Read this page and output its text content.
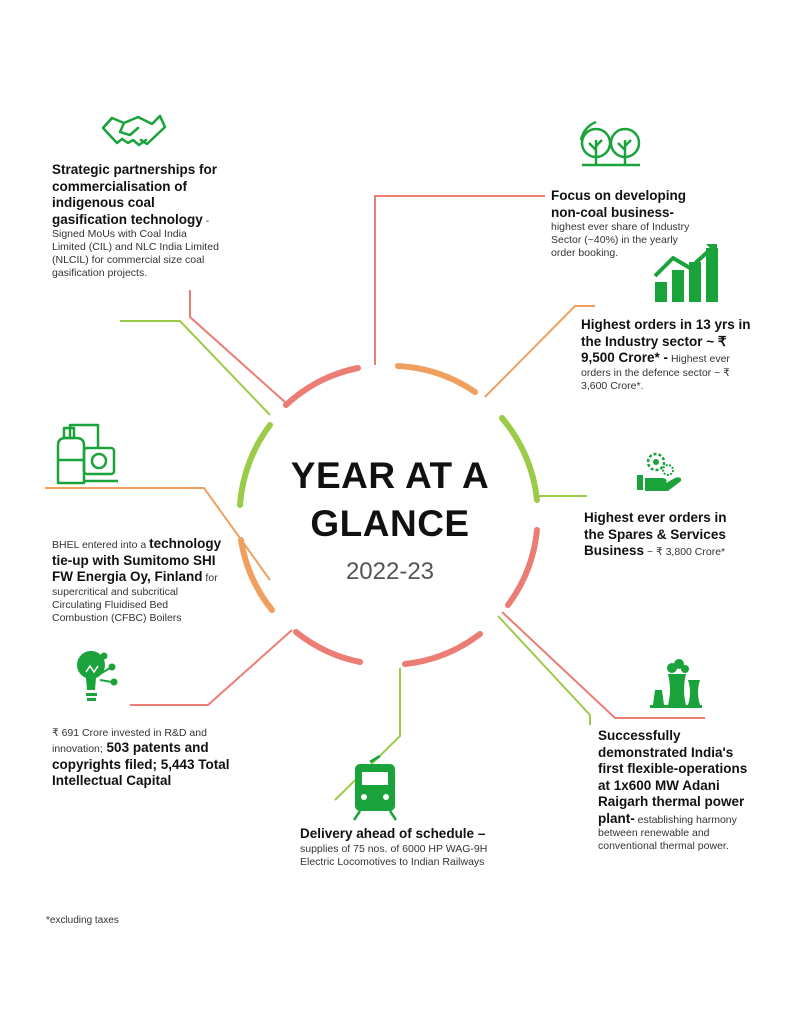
YEAR AT A
GLANCE
2022-23
Strategic partnerships for commercialisation of indigenous coal gasification technology - Signed MoUs with Coal India Limited (CIL) and NLC India Limited (NLCIL) for commercial size coal gasification projects.
Focus on developing non-coal business- highest ever share of Industry Sector (~40%) in the yearly order booking.
Highest orders in 13 yrs in the Industry sector ~ ₹ 9,500 Crore* - Highest ever orders in the defence sector ~ ₹ 3,600 Crore*.
BHEL entered into a technology tie-up with Sumitomo SHI FW Energia Oy, Finland for supercritical and subcritical Circulating Fluidised Bed Combustion (CFBC) Boilers
Highest ever orders in the Spares & Services Business ~ ₹ 3,800 Crore*
₹ 691 Crore invested in R&D and innovation; 503 patents and copyrights filed; 5,443 Total Intellectual Capital
Successfully demonstrated India's first flexible-operations at 1x600 MW Adani Raigarh thermal power plant- establishing harmony between renewable and conventional thermal power.
Delivery ahead of schedule – supplies of 75 nos. of 6000 HP WAG-9H Electric Locomotives to Indian Railways
*excluding taxes
